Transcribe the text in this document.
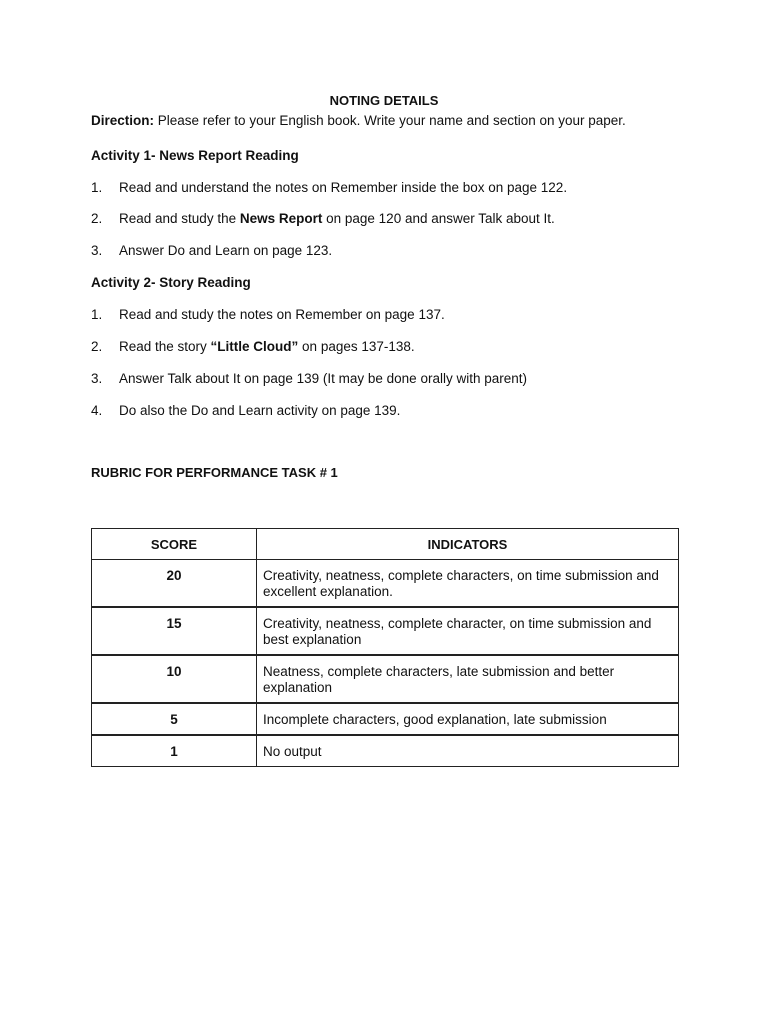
NOTING DETAILS
Direction: Please refer to your English book. Write your name and section on your paper.
Activity 1- News Report Reading
1. Read and understand the notes on Remember inside the box on page 122.
2. Read and study the News Report on page 120 and answer Talk about It.
3. Answer Do and Learn on page 123.
Activity 2- Story Reading
1. Read and study the notes on Remember on page 137.
2. Read the story “Little Cloud” on pages 137-138.
3. Answer Talk about It on page 139 (It may be done orally with parent)
4. Do also the Do and Learn activity on page 139.
RUBRIC FOR PERFORMANCE TASK # 1
SCORE	INDICATORS
20	Creativity, neatness, complete characters, on time submission and excellent explanation.
15	Creativity, neatness, complete character, on time submission and best explanation
10	Neatness, complete characters, late submission and better explanation
5	Incomplete characters, good explanation, late submission
1	No output
